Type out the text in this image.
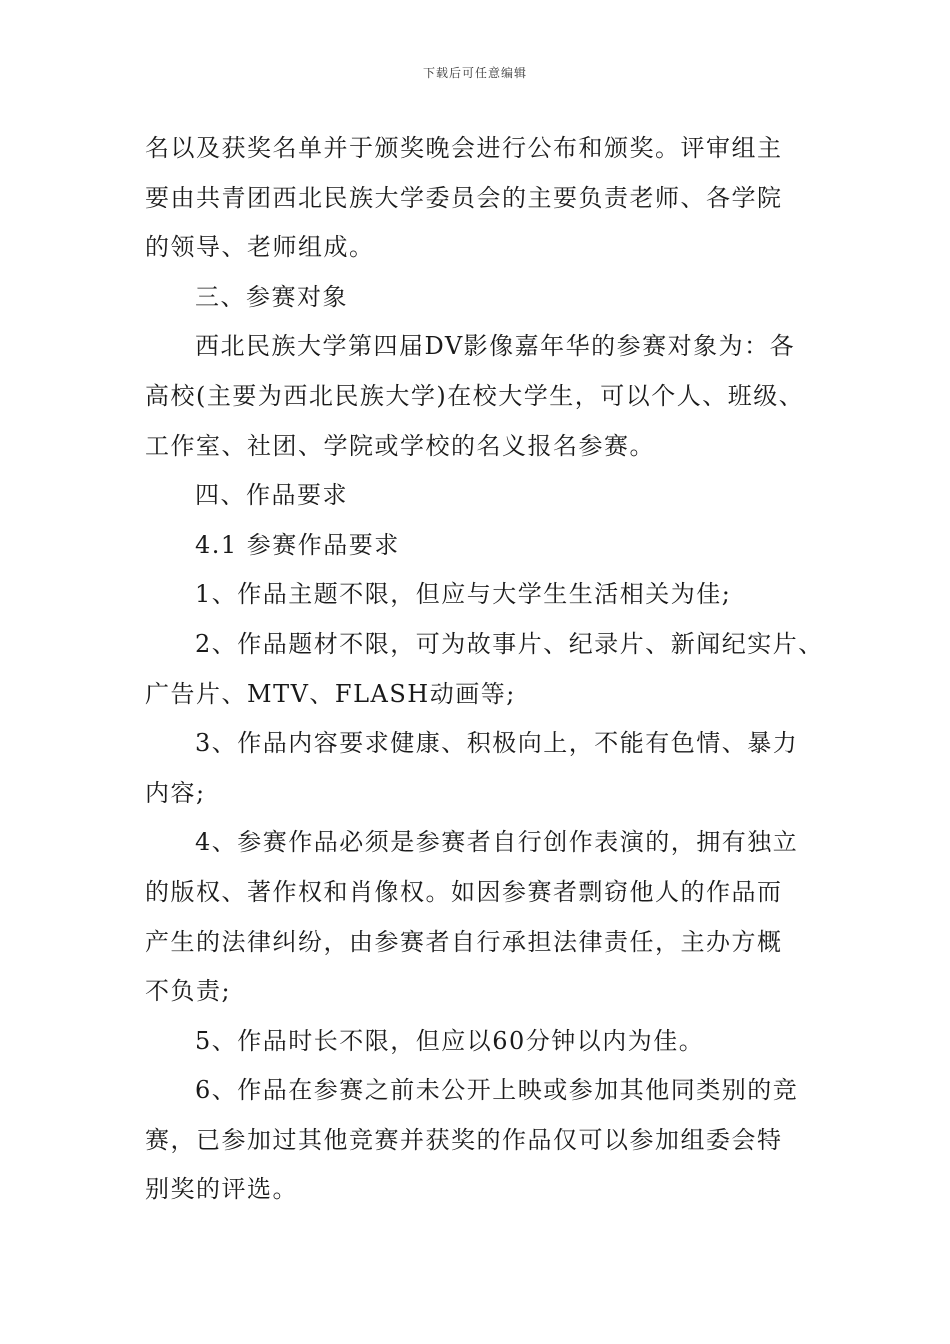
下载后可任意编辑
名以及获奖名单并于颁奖晚会进行公布和颁奖。评审组主
要由共青团西北民族大学委员会的主要负责老师、各学院
的领导、老师组成。
三、参赛对象
西北民族大学第四届DV影像嘉年华的参赛对象为：各
高校(主要为西北民族大学)在校大学生，可以个人、班级、
工作室、社团、学院或学校的名义报名参赛。
四、作品要求
4.1 参赛作品要求
1、作品主题不限，但应与大学生生活相关为佳;
2、作品题材不限，可为故事片、纪录片、新闻纪实片、
广告片、MTV、FLASH动画等;
3、作品内容要求健康、积极向上，不能有色情、暴力
内容;
4、参赛作品必须是参赛者自行创作表演的，拥有独立
的版权、著作权和肖像权。如因参赛者剽窃他人的作品而
产生的法律纠纷，由参赛者自行承担法律责任，主办方概
不负责;
5、作品时长不限，但应以60分钟以内为佳。
6、作品在参赛之前未公开上映或参加其他同类别的竞
赛，已参加过其他竞赛并获奖的作品仅可以参加组委会特
别奖的评选。
